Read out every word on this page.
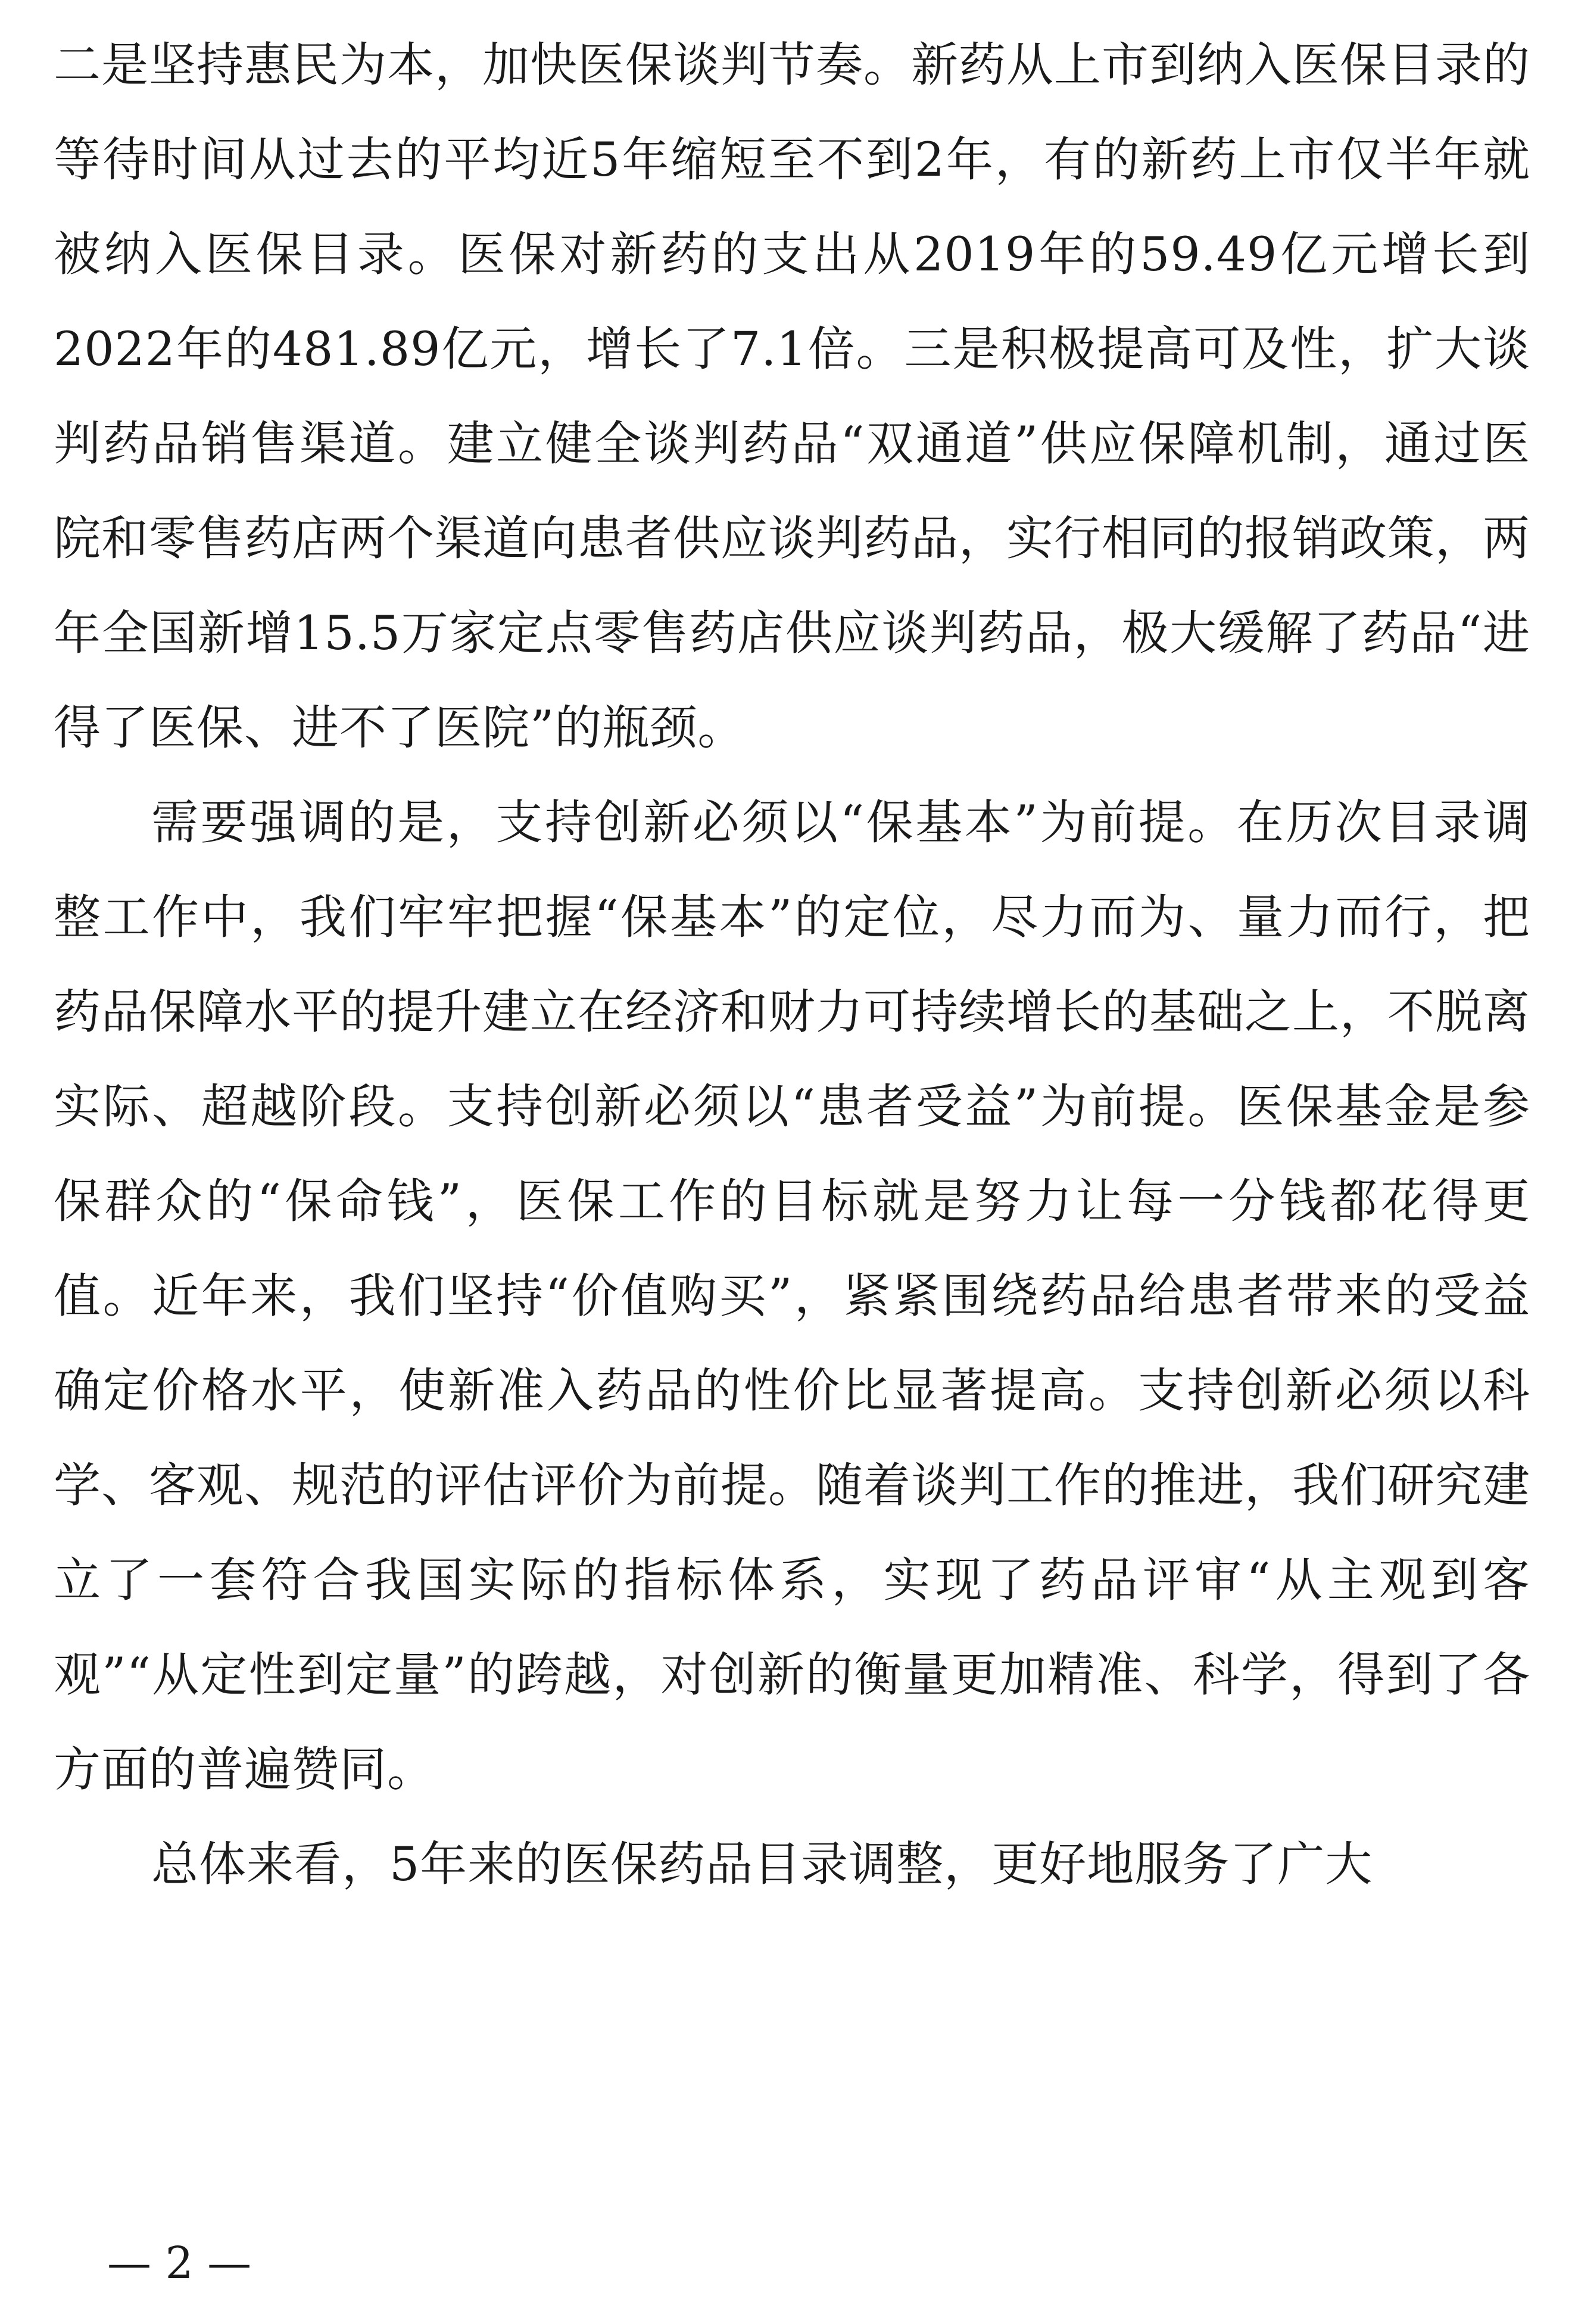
二是坚持惠民为本，加快医保谈判节奏。新药从上市到纳入医保目录的等待时间从过去的平均近5年缩短至不到2年，有的新药上市仅半年就被纳入医保目录。医保对新药的支出从2019年的59.49亿元增长到2022年的481.89亿元，增长了7.1倍。三是积极提高可及性，扩大谈判药品销售渠道。建立健全谈判药品“双通道”供应保障机制，通过医院和零售药店两个渠道向患者供应谈判药品，实行相同的报销政策，两年全国新增15.5万家定点零售药店供应谈判药品，极大缓解了药品“进得了医保、进不了医院”的瓶颈。

需要强调的是，支持创新必须以“保基本”为前提。在历次目录调整工作中，我们牢牢把握“保基本”的定位，尽力而为、量力而行，把药品保障水平的提升建立在经济和财力可持续增长的基础之上，不脱离实际、超越阶段。支持创新必须以“患者受益”为前提。医保基金是参保群众的“保命钱”，医保工作的目标就是努力让每一分钱都花得更值。近年来，我们坚持“价值购买”，紧紧围绕药品给患者带来的受益确定价格水平，使新准入药品的性价比显著提高。支持创新必须以科学、客观、规范的评估评价为前提。随着谈判工作的推进，我们研究建立了一套符合我国实际的指标体系，实现了药品评审“从主观到客观”“从定性到定量”的跨越，对创新的衡量更加精准、科学，得到了各方面的普遍赞同。

总体来看，5年来的医保药品目录调整，更好地服务了广大

— 2 —
